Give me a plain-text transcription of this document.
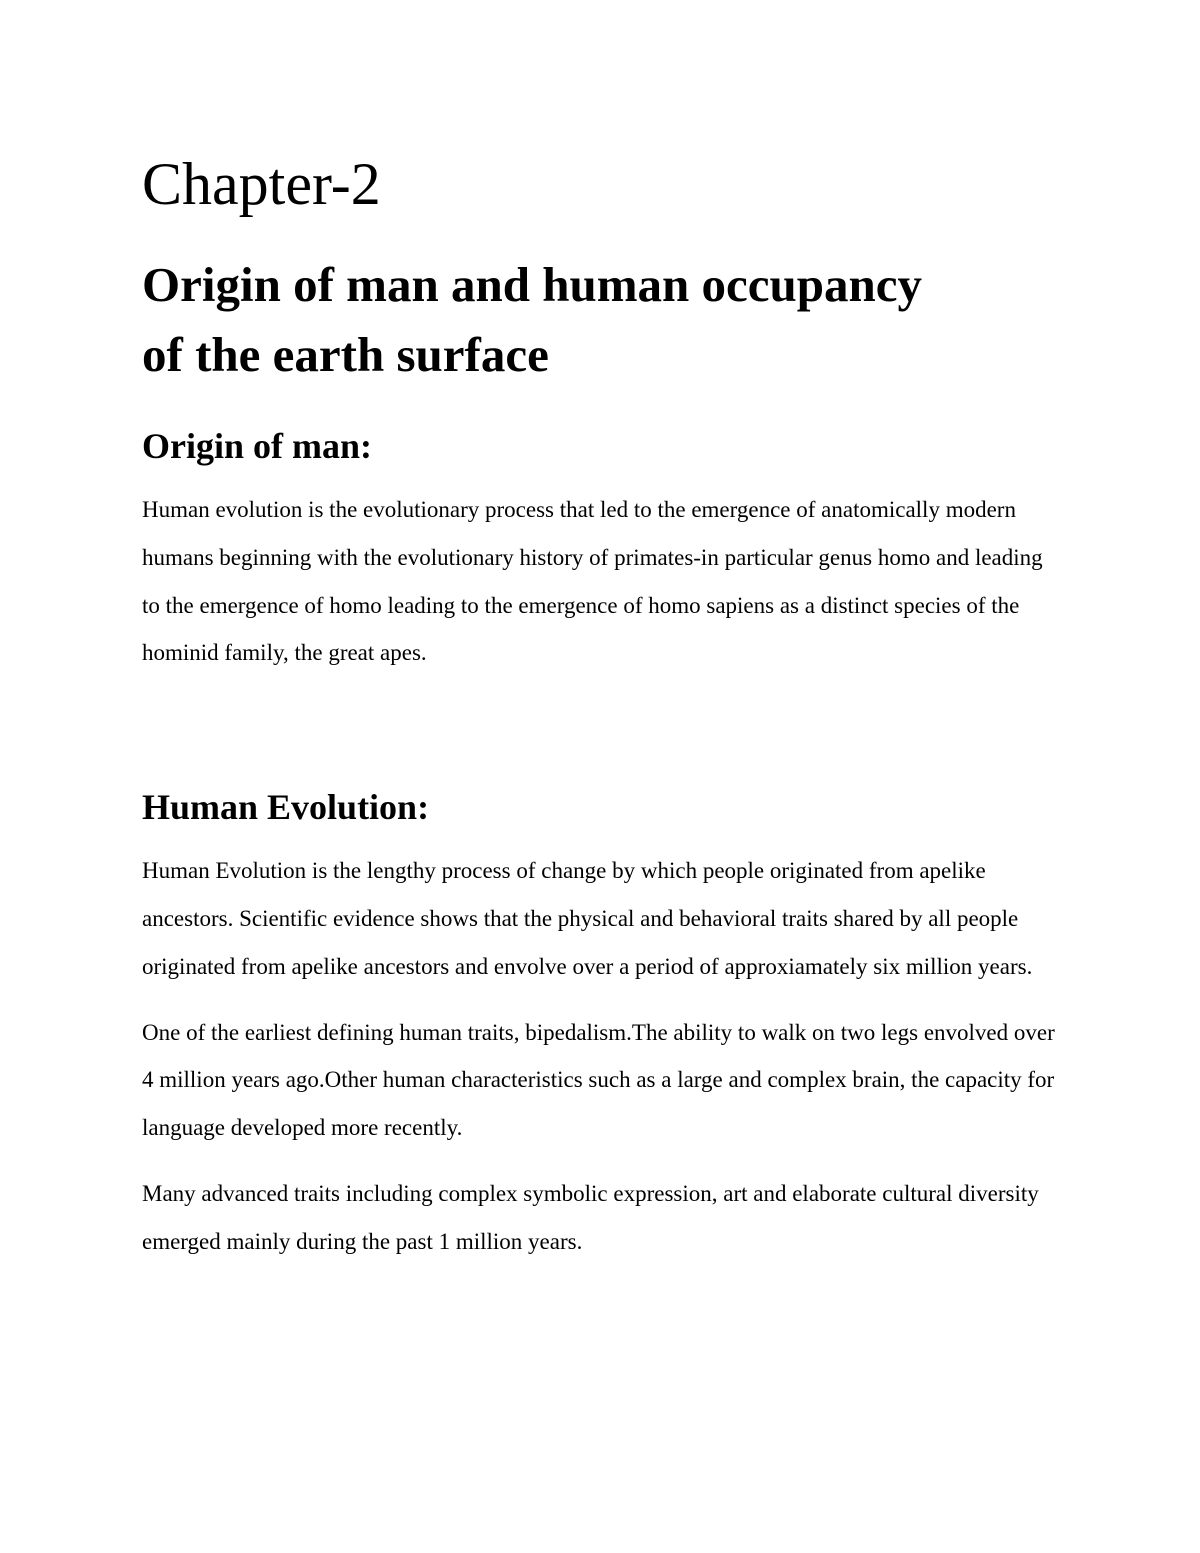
Chapter-2
Origin of man and human occupancy
of the earth surface
Origin of man:

Human evolution is the evolutionary process that led to the emergence of anatomically modern humans beginning with the evolutionary history of primates-in particular genus homo and leading to the emergence of homo leading to the emergence of homo sapiens as a distinct species of the hominid family, the great apes.

Human Evolution:

Human Evolution is the lengthy process of change by which people originated from apelike ancestors. Scientific evidence shows that the physical and behavioral traits shared by all people originated from apelike ancestors and envolve over a period of approxiamately six million years.

One of the earliest defining human traits, bipedalism.The ability to walk on two legs envolved over 4 million years ago.Other human characteristics such as a large and complex brain, the capacity for language developed more recently.

Many advanced traits including complex symbolic expression, art and elaborate cultural diversity emerged mainly during the past 1 million years.
